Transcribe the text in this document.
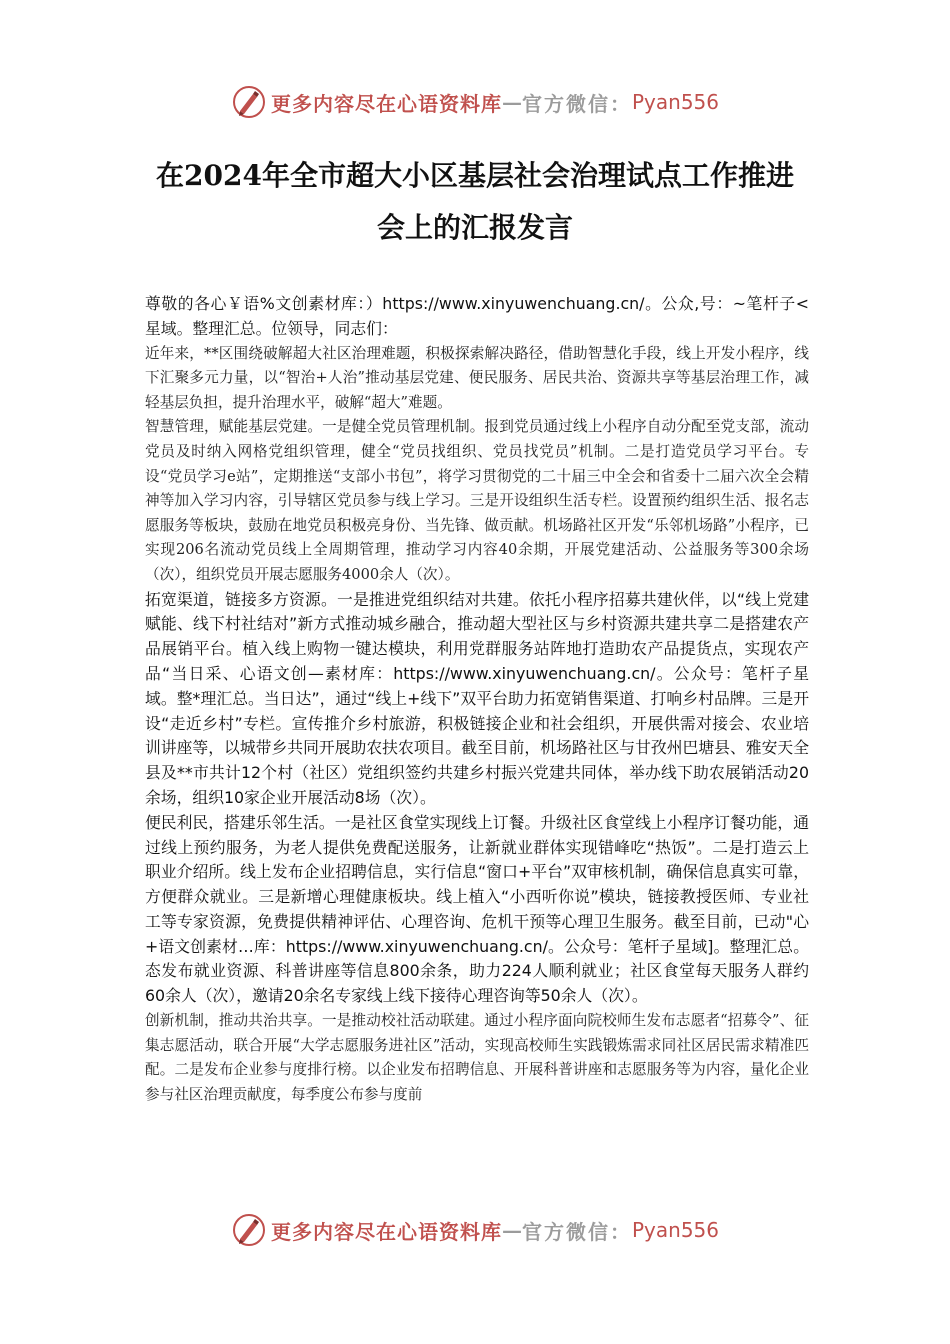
更多内容尽在心语资料库 — 官方微信： Pyan556
在2024年全市超大小区基层社会治理试点工作推进
会上的汇报发言

尊敬的各心￥语%文创素材库：）https://www.xinyuwenchuang.cn/。公众,号：~笔杆子<星域。整理汇总。位领导，同志们：

近年来，**区围绕破解超大社区治理难题，积极探索解决路径，借助智慧化手段，线上开发小程序，线下汇聚多元力量，以“智治+人治”推动基层党建、便民服务、居民共治、资源共享等基层治理工作，减轻基层负担，提升治理水平，破解“超大”难题。

智慧管理，赋能基层党建。一是健全党员管理机制。报到党员通过线上小程序自动分配至党支部，流动党员及时纳入网格党组织管理，健全“党员找组织、党员找党员”机制。二是打造党员学习平台。专设“党员学习e站”，定期推送“支部小书包”，将学习贯彻党的二十届三中全会和省委十二届六次全会精神等加入学习内容，引导辖区党员参与线上学习。三是开设组织生活专栏。设置预约组织生活、报名志愿服务等板块，鼓励在地党员积极亮身份、当先锋、做贡献。机场路社区开发“乐邻机场路”小程序，已实现206名流动党员线上全周期管理，推动学习内容40余期，开展党建活动、公益服务等300余场（次），组织党员开展志愿服务4000余人（次）。

拓宽渠道，链接多方资源。一是推进党组织结对共建。依托小程序招募共建伙伴，以“线上党建赋能、线下村社结对”新方式推动城乡融合，推动超大型社区与乡村资源共建共享二是搭建农产品展销平台。植入线上购物一键达模块，利用党群服务站阵地打造助农产品提货点，实现农产品“当日采、心语文创—素材库：https://www.xinyuwenchuang.cn/。公众号：笔杆子星域。整*理汇总。当日达”，通过“线上+线下”双平台助力拓宽销售渠道、打响乡村品牌。三是开设“走近乡村”专栏。宣传推介乡村旅游，积极链接企业和社会组织，开展供需对接会、农业培训讲座等，以城带乡共同开展助农扶农项目。截至目前，机场路社区与甘孜州巴塘县、雅安天全县及**市共计12个村（社区）党组织签约共建乡村振兴党建共同体，举办线下助农展销活动20余场，组织10家企业开展活动8场（次）。

便民利民，搭建乐邻生活。一是社区食堂实现线上订餐。升级社区食堂线上小程序订餐功能，通过线上预约服务，为老人提供免费配送服务，让新就业群体实现错峰吃“热饭”。二是打造云上职业介绍所。线上发布企业招聘信息，实行信息“窗口+平台”双审核机制，确保信息真实可靠，方便群众就业。三是新增心理健康板块。线上植入“小西听你说”模块，链接教授医师、专业社工等专家资源，免费提供精神评估、心理咨询、危机干预等心理卫生服务。截至目前，已动"心+语文创素材…库：https://www.xinyuwenchuang.cn/。公众号：笔杆子星域]。整理汇总。态发布就业资源、科普讲座等信息800余条，助力224人顺利就业；社区食堂每天服务人群约60余人（次），邀请20余名专家线上线下接待心理咨询等50余人（次）。

创新机制，推动共治共享。一是推动校社活动联建。通过小程序面向院校师生发布志愿者“招募令”、征集志愿活动，联合开展“大学志愿服务进社区”活动，实现高校师生实践锻炼需求同社区居民需求精准匹配。二是发布企业参与度排行榜。以企业发布招聘信息、开展科普讲座和志愿服务等为内容，量化企业参与社区治理贡献度，每季度公布参与度前

更多内容尽在心语资料库 — 官方微信： Pyan556
